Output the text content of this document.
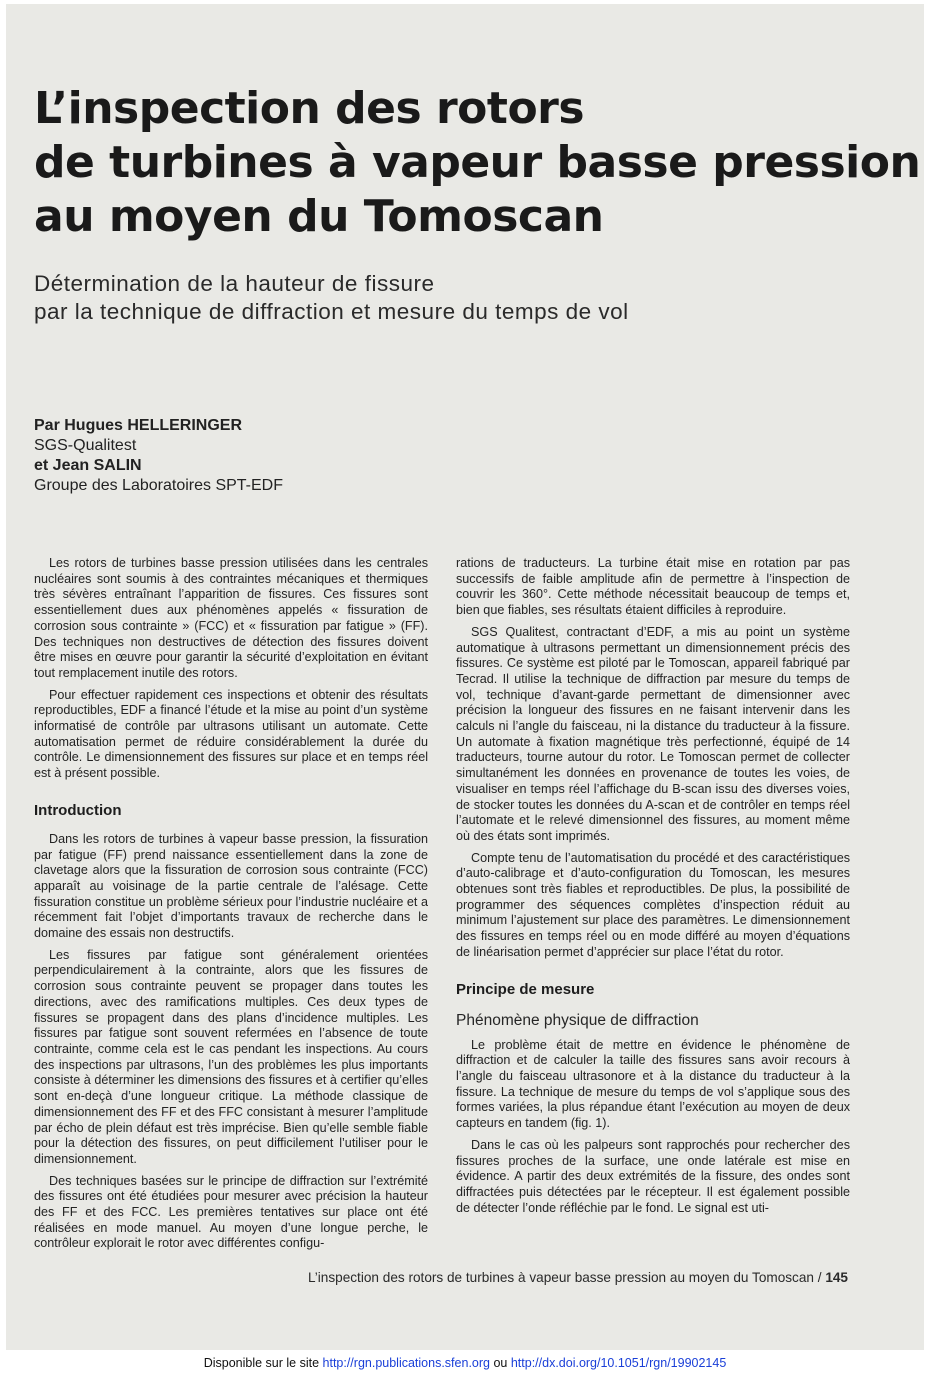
L’inspection des rotors
de turbines à vapeur basse pression
au moyen du Tomoscan
Détermination de la hauteur de fissure
par la technique de diffraction et mesure du temps de vol
Par Hugues HELLERINGER
SGS-Qualitest
et Jean SALIN
Groupe des Laboratoires SPT-EDF

Les rotors de turbines basse pression utilisées dans les centrales nucléaires sont soumis à des contraintes mécaniques et thermiques très sévères entraînant l’apparition de fissures. Ces fissures sont essentiellement dues aux phénomènes appelés « fissuration de corrosion sous contrainte » (FCC) et « fissuration par fatigue » (FF). Des techniques non destructives de détection des fissures doivent être mises en œuvre pour garantir la sécurité d’exploitation en évitant tout remplacement inutile des rotors.

Pour effectuer rapidement ces inspections et obtenir des résultats reproductibles, EDF a financé l’étude et la mise au point d’un système informatisé de contrôle par ultrasons utilisant un automate. Cette automatisation permet de réduire considérablement la durée du contrôle. Le dimensionnement des fissures sur place et en temps réel est à présent possible.

Introduction

Dans les rotors de turbines à vapeur basse pression, la fissuration par fatigue (FF) prend naissance essentiellement dans la zone de clavetage alors que la fissuration de corrosion sous contrainte (FCC) apparaît au voisinage de la partie centrale de l’alésage. Cette fissuration constitue un problème sérieux pour l’industrie nucléaire et a récemment fait l’objet d’importants travaux de recherche dans le domaine des essais non destructifs.

Les fissures par fatigue sont généralement orientées perpendiculairement à la contrainte, alors que les fissures de corrosion sous contrainte peuvent se propager dans toutes les directions, avec des ramifications multiples. Ces deux types de fissures se propagent dans des plans d’incidence multiples. Les fissures par fatigue sont souvent refermées en l’absence de toute contrainte, comme cela est le cas pendant les inspections. Au cours des inspections par ultrasons, l’un des problèmes les plus importants consiste à déterminer les dimensions des fissures et à certifier qu’elles sont en-deçà d’une longueur critique. La méthode classique de dimensionnement des FF et des FFC consistant à mesurer l’amplitude par écho de plein défaut est très imprécise. Bien qu’elle semble fiable pour la détection des fissures, on peut difficilement l’utiliser pour le dimensionnement.

Des techniques basées sur le principe de diffraction sur l’extrémité des fissures ont été étudiées pour mesurer avec précision la hauteur des FF et des FCC. Les premières tentatives sur place ont été réalisées en mode manuel. Au moyen d’une longue perche, le contrôleur explorait le rotor avec différentes configu-

rations de traducteurs. La turbine était mise en rotation par pas successifs de faible amplitude afin de permettre à l’inspection de couvrir les 360°. Cette méthode nécessitait beaucoup de temps et, bien que fiables, ses résultats étaient difficiles à reproduire.

SGS Qualitest, contractant d’EDF, a mis au point un système automatique à ultrasons permettant un dimensionnement précis des fissures. Ce système est piloté par le Tomoscan, appareil fabriqué par Tecrad. Il utilise la technique de diffraction par mesure du temps de vol, technique d’avant-garde permettant de dimensionner avec précision la longueur des fissures en ne faisant intervenir dans les calculs ni l’angle du faisceau, ni la distance du traducteur à la fissure. Un automate à fixation magnétique très perfectionné, équipé de 14 traducteurs, tourne autour du rotor. Le Tomoscan permet de collecter simultanément les données en provenance de toutes les voies, de visualiser en temps réel l’affichage du B-scan issu des diverses voies, de stocker toutes les données du A-scan et de contrôler en temps réel l’automate et le relevé dimensionnel des fissures, au moment même où des états sont imprimés.

Compte tenu de l’automatisation du procédé et des caractéristiques d’auto-calibrage et d’auto-configuration du Tomoscan, les mesures obtenues sont très fiables et reproductibles. De plus, la possibilité de programmer des séquences complètes d’inspection réduit au minimum l’ajustement sur place des paramètres. Le dimensionnement des fissures en temps réel ou en mode différé au moyen d’équations de linéarisation permet d’apprécier sur place l’état du rotor.

Principe de mesure
Phénomène physique de diffraction

Le problème était de mettre en évidence le phénomène de diffraction et de calculer la taille des fissures sans avoir recours à l’angle du faisceau ultrasonore et à la distance du traducteur à la fissure. La technique de mesure du temps de vol s’applique sous des formes variées, la plus répandue étant l’exécution au moyen de deux capteurs en tandem (fig. 1).

Dans le cas où les palpeurs sont rapprochés pour rechercher des fissures proches de la surface, une onde latérale est mise en évidence. A partir des deux extrémités de la fissure, des ondes sont diffractées puis détectées par le récepteur. Il est également possible de détecter l’onde réfléchie par le fond. Le signal est uti-

L’inspection des rotors de turbines à vapeur basse pression au moyen du Tomoscan / 145
Disponible sur le site http://rgn.publications.sfen.org ou http://dx.doi.org/10.1051/rgn/19902145
